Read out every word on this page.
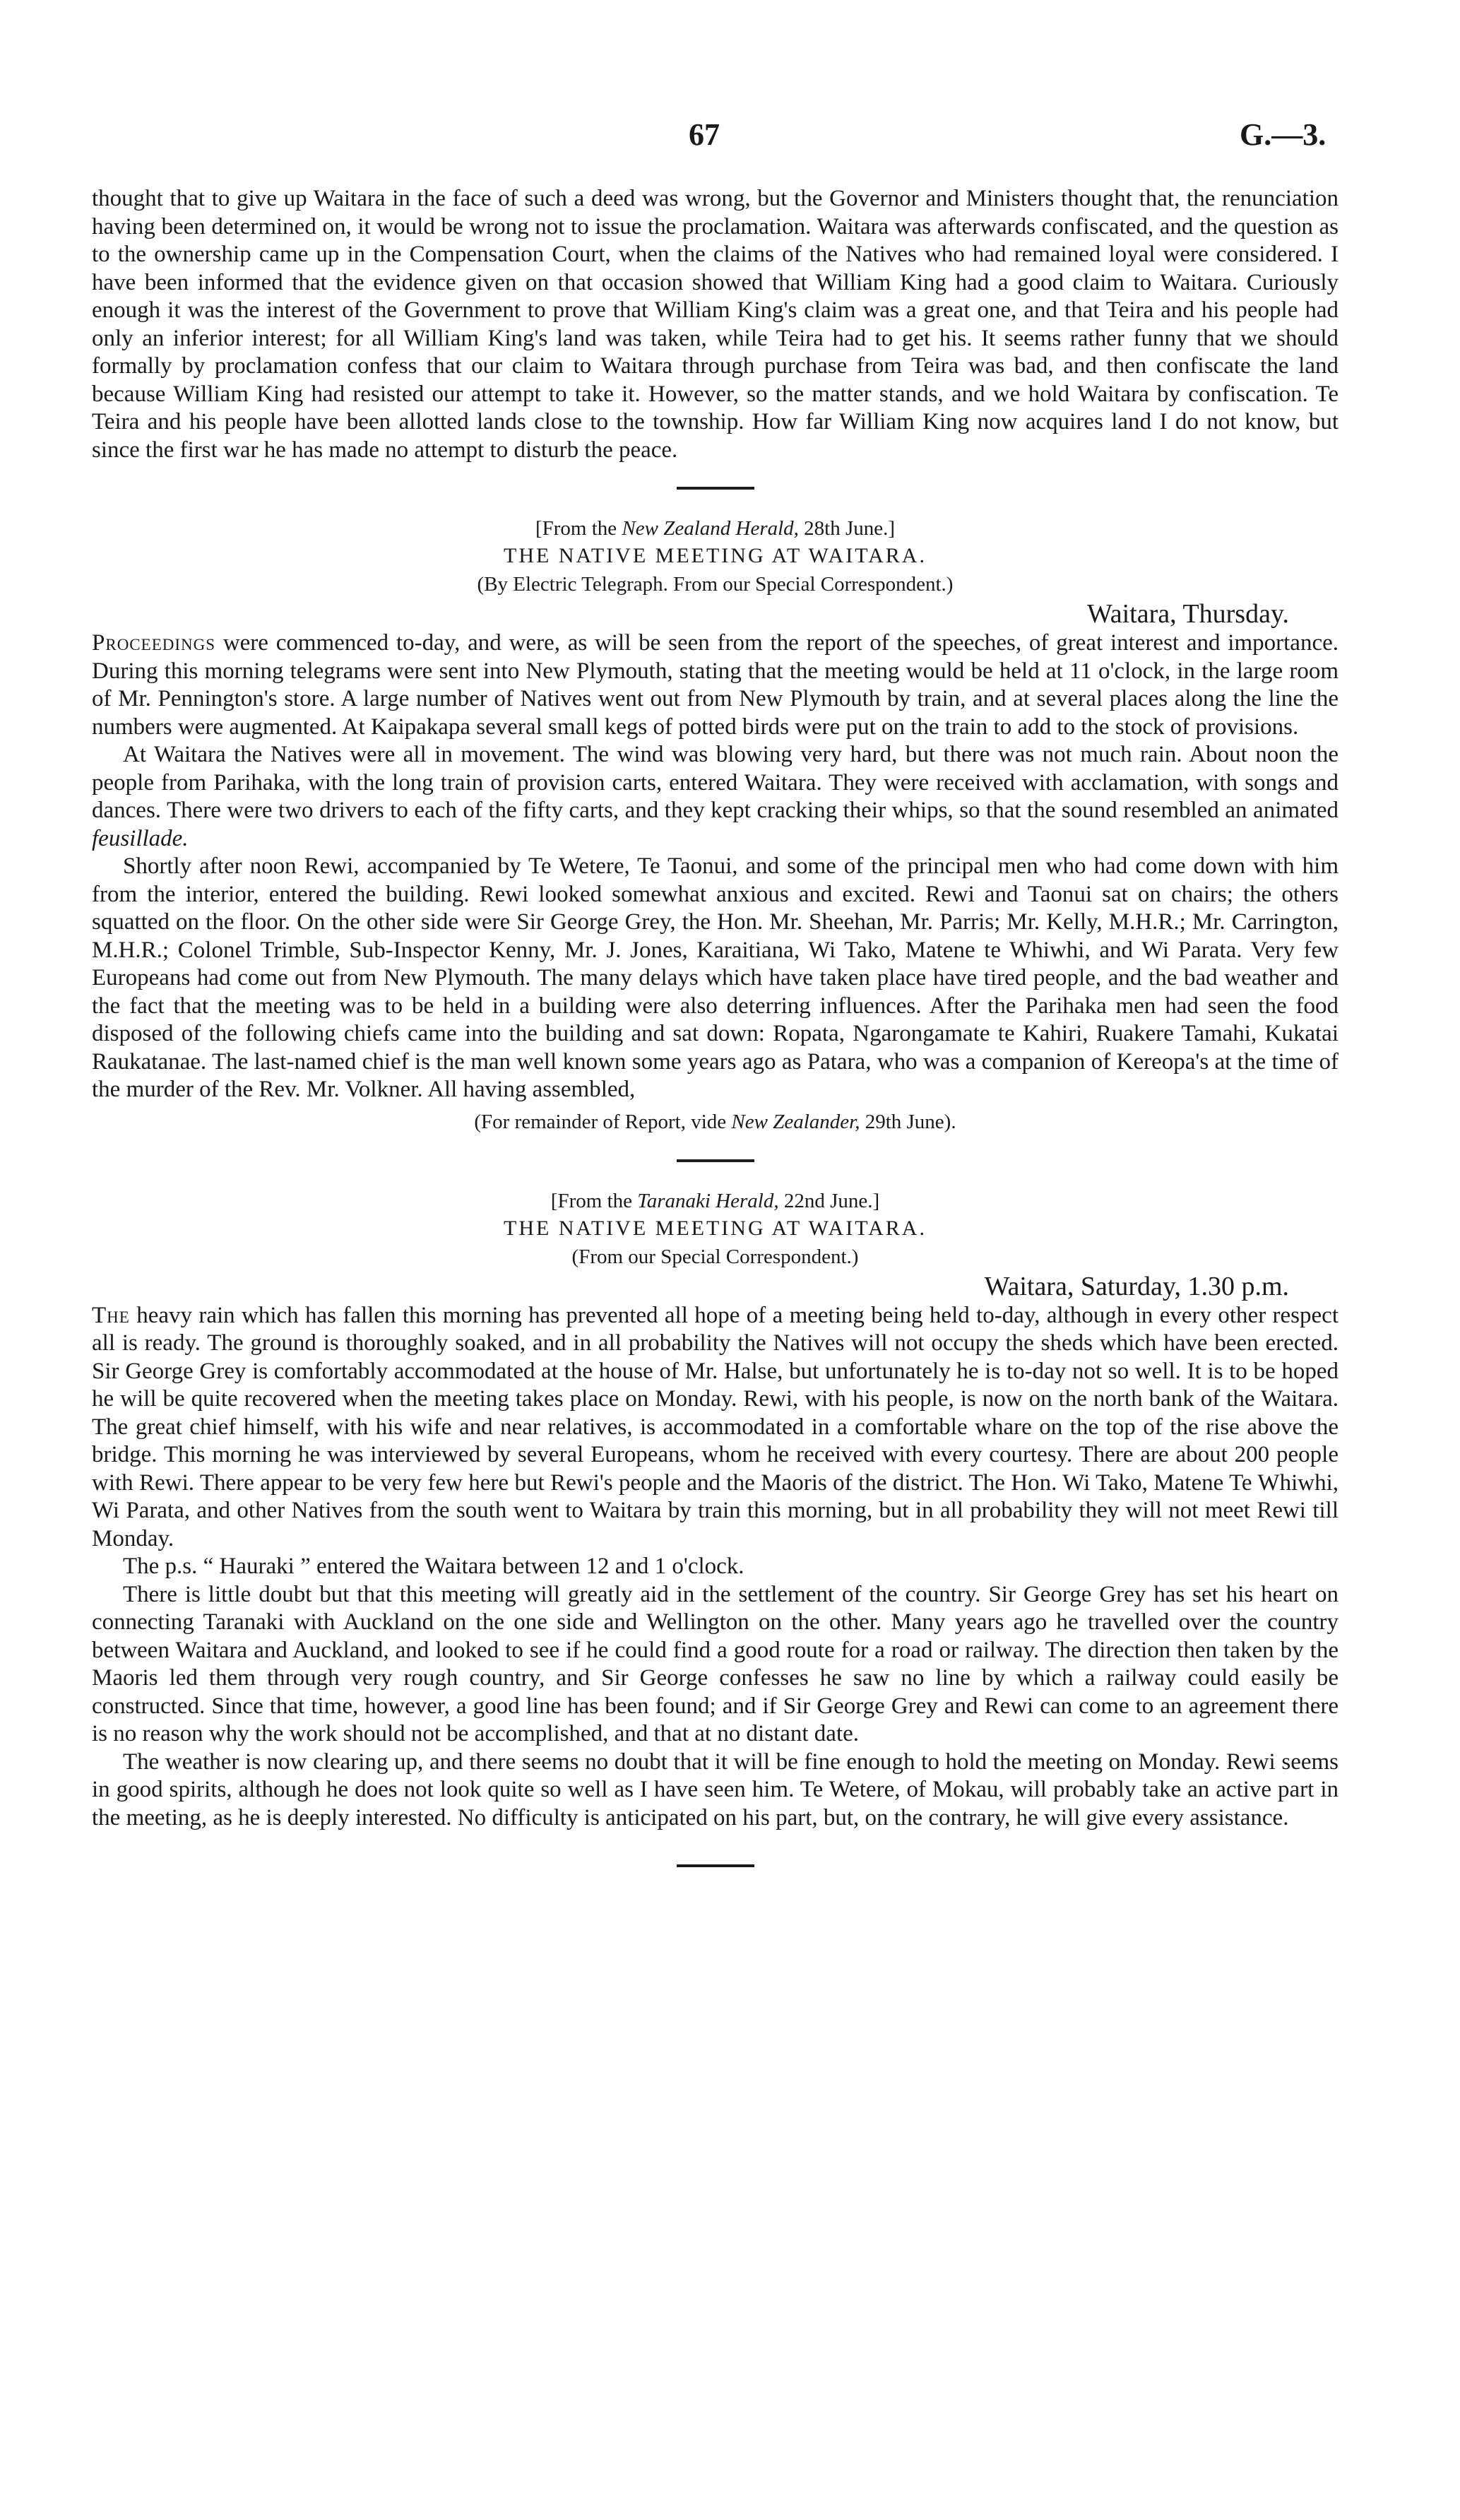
67	G.—3.

thought that to give up Waitara in the face of such a deed was wrong, but the Governor and Ministers thought that, the renunciation having been determined on, it would be wrong not to issue the proclamation. Waitara was afterwards confiscated, and the question as to the ownership came up in the Compensation Court, when the claims of the Natives who had remained loyal were considered. I have been informed that the evidence given on that occasion showed that William King had a good claim to Waitara. Curiously enough it was the interest of the Government to prove that William King's claim was a great one, and that Teira and his people had only an inferior interest; for all William King's land was taken, while Teira had to get his. It seems rather funny that we should formally by proclamation confess that our claim to Waitara through purchase from Teira was bad, and then confiscate the land because William King had resisted our attempt to take it. However, so the matter stands, and we hold Waitara by confiscation. Te Teira and his people have been allotted lands close to the township. How far William King now acquires land I do not know, but since the first war he has made no attempt to disturb the peace.

[From the New Zealand Herald, 28th June.]
THE NATIVE MEETING AT WAITARA.
(By Electric Telegraph. From our Special Correspondent.)
Waitara, Thursday.

Proceedings were commenced to-day, and were, as will be seen from the report of the speeches, of great interest and importance. During this morning telegrams were sent into New Plymouth, stating that the meeting would be held at 11 o'clock, in the large room of Mr. Pennington's store. A large number of Natives went out from New Plymouth by train, and at several places along the line the numbers were augmented. At Kaipakapa several small kegs of potted birds were put on the train to add to the stock of provisions.

At Waitara the Natives were all in movement. The wind was blowing very hard, but there was not much rain. About noon the people from Parihaka, with the long train of provision carts, entered Waitara. They were received with acclamation, with songs and dances. There were two drivers to each of the fifty carts, and they kept cracking their whips, so that the sound resembled an animated feusillade.

Shortly after noon Rewi, accompanied by Te Wetere, Te Taonui, and some of the principal men who had come down with him from the interior, entered the building. Rewi looked somewhat anxious and excited. Rewi and Taonui sat on chairs; the others squatted on the floor. On the other side were Sir George Grey, the Hon. Mr. Sheehan, Mr. Parris; Mr. Kelly, M.H.R.; Mr. Carrington, M.H.R.; Colonel Trimble, Sub-Inspector Kenny, Mr. J. Jones, Karaitiana, Wi Tako, Matene te Whiwhi, and Wi Parata. Very few Europeans had come out from New Plymouth. The many delays which have taken place have tired people, and the bad weather and the fact that the meeting was to be held in a building were also deterring influences. After the Parihaka men had seen the food disposed of the following chiefs came into the building and sat down: Ropata, Ngarongamate te Kahiri, Ruakere Tamahi, Kukatai Raukatanae. The last-named chief is the man well known some years ago as Patara, who was a companion of Kereopa's at the time of the murder of the Rev. Mr. Volkner. All having assembled,

(For remainder of Report, vide New Zealander, 29th June).
[From the Taranaki Herald, 22nd June.]
THE NATIVE MEETING AT WAITARA.
(From our Special Correspondent.)
Waitara, Saturday, 1.30 p.m.

The heavy rain which has fallen this morning has prevented all hope of a meeting being held to-day, although in every other respect all is ready. The ground is thoroughly soaked, and in all probability the Natives will not occupy the sheds which have been erected. Sir George Grey is comfortably accommodated at the house of Mr. Halse, but unfortunately he is to-day not so well. It is to be hoped he will be quite recovered when the meeting takes place on Monday. Rewi, with his people, is now on the north bank of the Waitara. The great chief himself, with his wife and near relatives, is accommodated in a comfortable whare on the top of the rise above the bridge. This morning he was interviewed by several Europeans, whom he received with every courtesy. There are about 200 people with Rewi. There appear to be very few here but Rewi's people and the Maoris of the district. The Hon. Wi Tako, Matene Te Whiwhi, Wi Parata, and other Natives from the south went to Waitara by train this morning, but in all probability they will not meet Rewi till Monday.

The p.s. “ Hauraki ” entered the Waitara between 12 and 1 o'clock.

There is little doubt but that this meeting will greatly aid in the settlement of the country. Sir George Grey has set his heart on connecting Taranaki with Auckland on the one side and Wellington on the other. Many years ago he travelled over the country between Waitara and Auckland, and looked to see if he could find a good route for a road or railway. The direction then taken by the Maoris led them through very rough country, and Sir George confesses he saw no line by which a railway could easily be constructed. Since that time, however, a good line has been found; and if Sir George Grey and Rewi can come to an agreement there is no reason why the work should not be accomplished, and that at no distant date.

The weather is now clearing up, and there seems no doubt that it will be fine enough to hold the meeting on Monday. Rewi seems in good spirits, although he does not look quite so well as I have seen him. Te Wetere, of Mokau, will probably take an active part in the meeting, as he is deeply interested. No difficulty is anticipated on his part, but, on the contrary, he will give every assistance.
